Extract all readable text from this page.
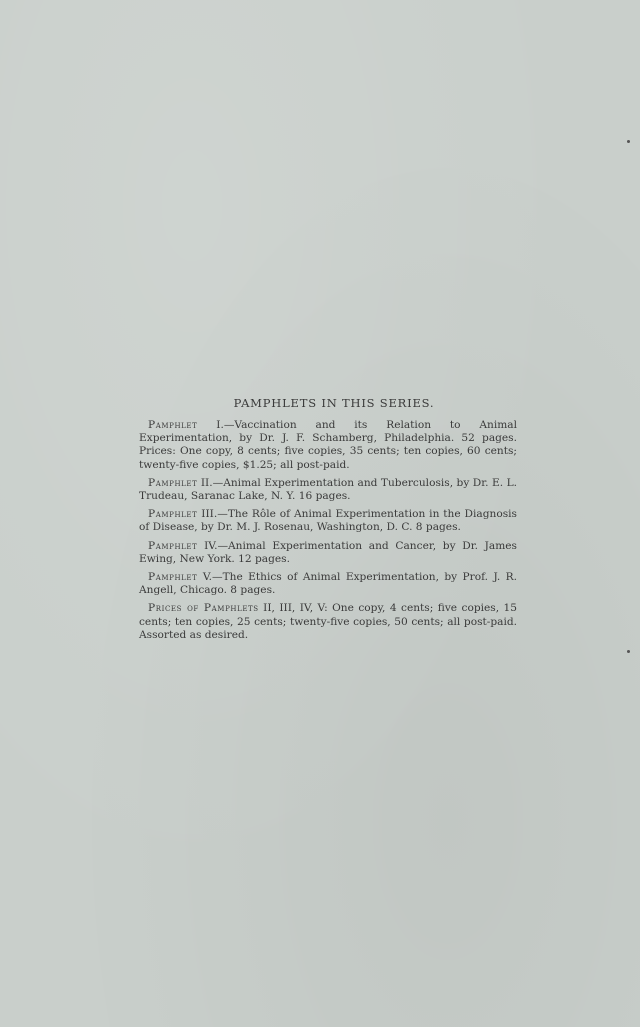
PAMPHLETS IN THIS SERIES.

Pamphlet I.—Vaccination and its Relation to Animal Experimentation, by Dr. J. F. Schamberg, Philadelphia. 52 pages. Prices: One copy, 8 cents; five copies, 35 cents; ten copies, 60 cents; twenty-five copies, $1.25; all post-paid.

Pamphlet II.—Animal Experimentation and Tuberculosis, by Dr. E. L. Trudeau, Saranac Lake, N. Y. 16 pages.

Pamphlet III.—The Rôle of Animal Experimentation in the Diagnosis of Disease, by Dr. M. J. Rosenau, Washington, D. C. 8 pages.

Pamphlet IV.—Animal Experimentation and Cancer, by Dr. James Ewing, New York. 12 pages.

Pamphlet V.—The Ethics of Animal Experimentation, by Prof. J. R. Angell, Chicago. 8 pages.

Prices of Pamphlets II, III, IV, V: One copy, 4 cents; five copies, 15 cents; ten copies, 25 cents; twenty-five copies, 50 cents; all post-paid. Assorted as desired.
